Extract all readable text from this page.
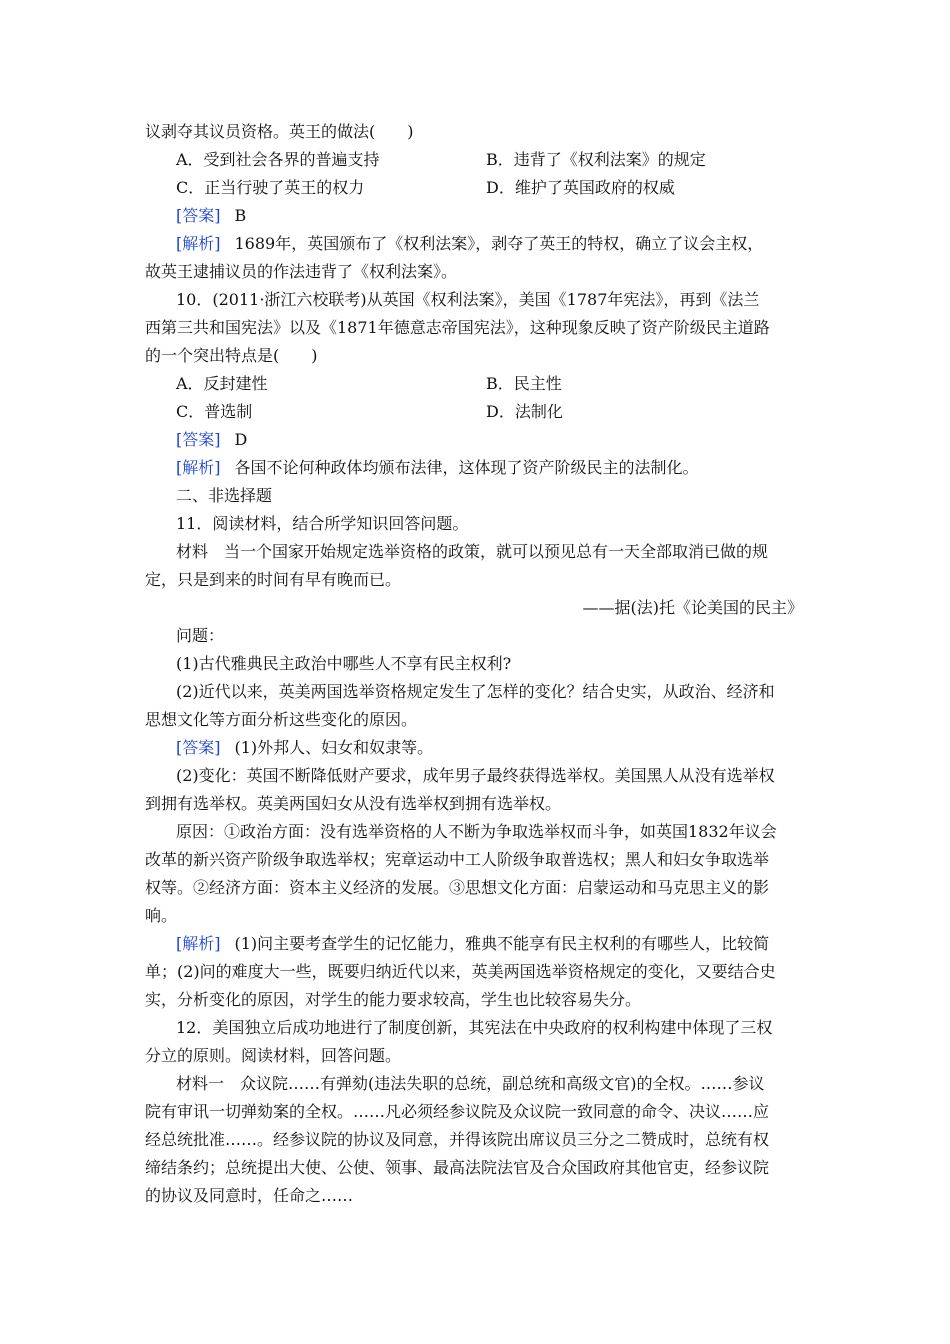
议剥夺其议员资格。英王的做法(　　)
A．受到社会各界的普遍支持	B．违背了《权利法案》的规定
C．正当行驶了英王的权力	D．维护了英国政府的权威
[答案] B
[解析] 1689年，英国颁布了《权利法案》，剥夺了英王的特权，确立了议会主权，
故英王逮捕议员的作法违背了《权利法案》。
10．(2011·浙江六校联考)从英国《权利法案》，美国《1787年宪法》，再到《法兰
西第三共和国宪法》以及《1871年德意志帝国宪法》，这种现象反映了资产阶级民主道路
的一个突出特点是(　　)
A．反封建性	B．民主性
C．普选制	D．法制化
[答案] D
[解析] 各国不论何种政体均颁布法律，这体现了资产阶级民主的法制化。
二、非选择题
11．阅读材料，结合所学知识回答问题。
材料　当一个国家开始规定选举资格的政策，就可以预见总有一天全部取消已做的规
定，只是到来的时间有早有晚而已。
——据(法)托《论美国的民主》
问题：
(1)古代雅典民主政治中哪些人不享有民主权利?
(2)近代以来，英美两国选举资格规定发生了怎样的变化？结合史实，从政治、经济和
思想文化等方面分析这些变化的原因。
[答案] (1)外邦人、妇女和奴隶等。
(2)变化：英国不断降低财产要求，成年男子最终获得选举权。美国黑人从没有选举权
到拥有选举权。英美两国妇女从没有选举权到拥有选举权。
原因：①政治方面：没有选举资格的人不断为争取选举权而斗争，如英国1832年议会
改革的新兴资产阶级争取选举权；宪章运动中工人阶级争取普选权；黑人和妇女争取选举
权等。②经济方面：资本主义经济的发展。③思想文化方面：启蒙运动和马克思主义的影
响。
[解析] (1)问主要考查学生的记忆能力，雅典不能享有民主权利的有哪些人，比较简
单；(2)问的难度大一些，既要归纳近代以来，英美两国选举资格规定的变化，又要结合史
实，分析变化的原因，对学生的能力要求较高，学生也比较容易失分。
12．美国独立后成功地进行了制度创新，其宪法在中央政府的权利构建中体现了三权
分立的原则。阅读材料，回答问题。
材料一　众议院……有弹劾(违法失职的总统，副总统和高级文官)的全权。……参议
院有审讯一切弹劾案的全权。……凡必须经参议院及众议院一致同意的命令、决议……应
经总统批准……。经参议院的协议及同意，并得该院出席议员三分之二赞成时，总统有权
缔结条约；总统提出大使、公使、领事、最高法院法官及合众国政府其他官吏，经参议院
的协议及同意时，任命之……
